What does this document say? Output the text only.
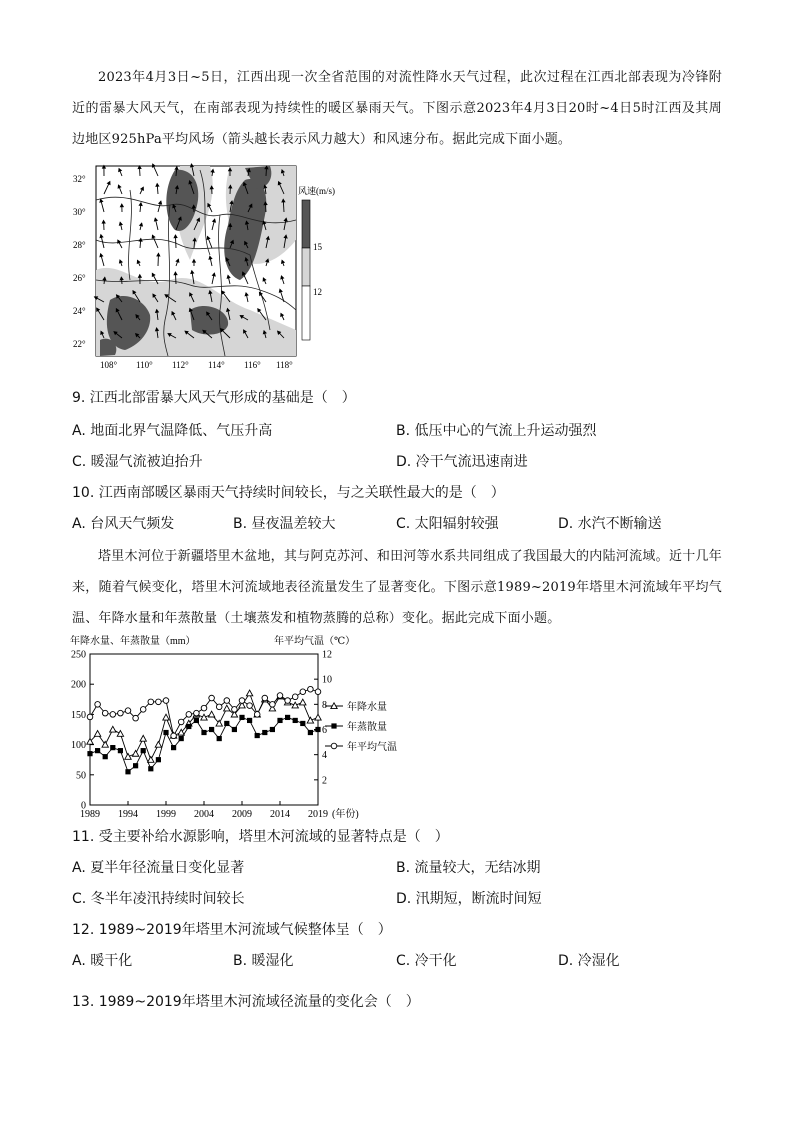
2023年4月3日~5日，江西出现一次全省范围的对流性降水天气过程，此次过程在江西北部表现为冷锋附近的雷暴大风天气，在南部表现为持续性的暖区暴雨天气。下图示意2023年4月3日20时~4日5时江西及其周边地区925hPa平均风场（箭头越长表示风力越大）和风速分布。据此完成下面小题。
32°
30°
28°
26°
24°
22°
108° 110° 112° 114° 116° 118°
风速(m/s)
15
12
9. 江西北部雷暴大风天气形成的基础是（　）
A. 地面北界气温降低、气压升高	B. 低压中心的气流上升运动强烈
C. 暖湿气流被迫抬升	D. 冷干气流迅速南进
10. 江西南部暖区暴雨天气持续时间较长，与之关联性最大的是（　）
A. 台风天气频发	B. 昼夜温差较大	C. 太阳辐射较强	D. 水汽不断输送
塔里木河位于新疆塔里木盆地，其与阿克苏河、和田河等水系共同组成了我国最大的内陆河流域。近十几年来，随着气候变化，塔里木河流域地表径流量发生了显著变化。下图示意1989~2019年塔里木河流域年平均气温、年降水量和年蒸散量（土壤蒸发和植物蒸腾的总称）变化。据此完成下面小题。
年降水量、年蒸散量（mm）	年平均气温（℃）
0
50
100
150
200
250
2
4
6
8
10
12
1989 1994 1999 2004 2009 2014 2019 (年份)
年降水量
年蒸散量
年平均气温
11. 受主要补给水源影响，塔里木河流域的显著特点是（　）
A. 夏半年径流量日变化显著	B. 流量较大，无结冰期
C. 冬半年凌汛持续时间较长	D. 汛期短，断流时间短
12. 1989~2019年塔里木河流域气候整体呈（　）
A. 暖干化	B. 暖湿化	C. 冷干化	D. 冷湿化
13. 1989~2019年塔里木河流域径流量的变化会（　）
